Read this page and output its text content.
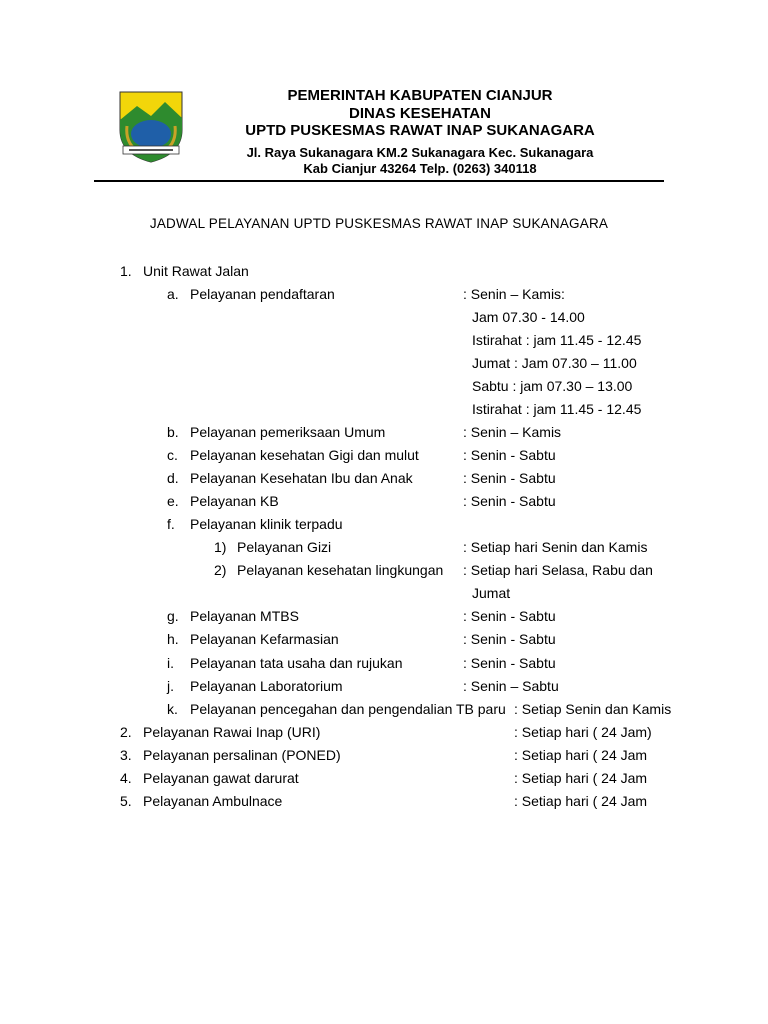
PEMERINTAH KABUPATEN CIANJUR
DINAS KESEHATAN
UPTD PUSKESMAS RAWAT INAP SUKANAGARA
Jl. Raya Sukanagara KM.2 Sukanagara Kec. Sukanagara
Kab Cianjur 43264 Telp. (0263) 340118
JADWAL PELAYANAN UPTD PUSKESMAS RAWAT INAP SUKANAGARA
1. Unit Rawat Jalan
a. Pelayanan pendaftaran	: Senin – Kamis:
Jam 07.30 - 14.00
Istirahat : jam 11.45 - 12.45
Jumat : Jam 07.30 – 11.00
Sabtu : jam 07.30 – 13.00
Istirahat : jam 11.45 - 12.45
b. Pelayanan pemeriksaan Umum	: Senin – Kamis
c. Pelayanan kesehatan Gigi dan mulut	: Senin - Sabtu
d. Pelayanan Kesehatan Ibu dan Anak	: Senin - Sabtu
e. Pelayanan KB	: Senin - Sabtu
f. Pelayanan klinik terpadu
1) Pelayanan Gizi	: Setiap hari Senin dan Kamis
2) Pelayanan kesehatan lingkungan : Setiap hari Selasa, Rabu dan
Jumat
g. Pelayanan MTBS	: Senin - Sabtu
h. Pelayanan Kefarmasian	: Senin - Sabtu
i. Pelayanan tata usaha dan rujukan	: Senin - Sabtu
j. Pelayanan Laboratorium	: Senin – Sabtu
k. Pelayanan pencegahan dan pengendalian TB paru : Setiap Senin dan Kamis
2. Pelayanan Rawai Inap (URI)	: Setiap hari ( 24 Jam)
3. Pelayanan persalinan (PONED)	: Setiap hari ( 24 Jam
4. Pelayanan gawat darurat	: Setiap hari ( 24 Jam
5. Pelayanan Ambulnace	: Setiap hari ( 24 Jam
